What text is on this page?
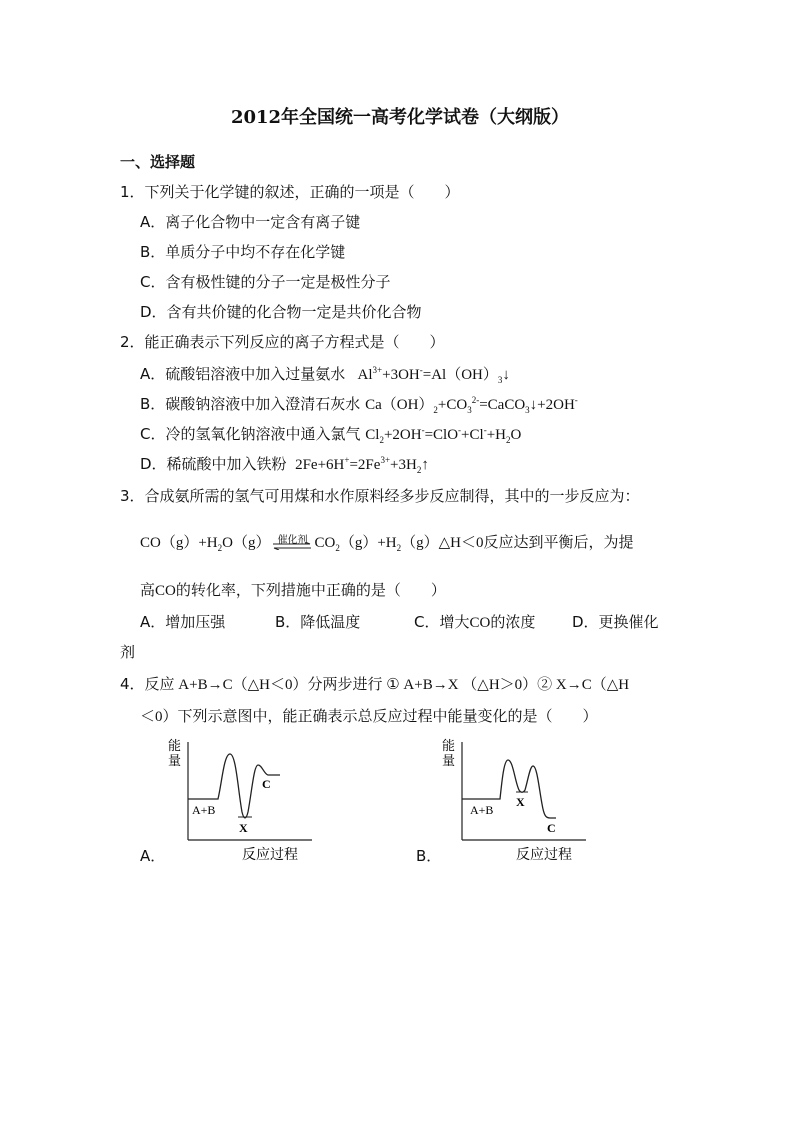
2012年全国统一高考化学试卷（大纲版）
一、选择题
1．下列关于化学键的叙述，正确的一项是（　　）
A．离子化合物中一定含有离子键
B．单质分子中均不存在化学键
C．含有极性键的分子一定是极性分子
D．含有共价键的化合物一定是共价化合物
2．能正确表示下列反应的离子方程式是（　　）
A．硫酸铝溶液中加入过量氨水   $Al^{3+}+3OH^-=Al(OH)_3↓$
B．碳酸钠溶液中加入澄清石灰水 $Ca(OH)_2+CO_3^{2-}=CaCO_3↓+2OH^-$
C．冷的氢氧化钠溶液中通入氯气 $Cl_2+2OH^-=ClO^-+Cl^-+H_2O$
D．稀硫酸中加入铁粉  $2Fe+6H^+=2Fe^{3+}+3H_2↑$
3．合成氨所需的氢气可用煤和水作原料经多步反应制得，其中的一步反应为：
$CO(g)+H_2O(g)$ 催化剂 $CO_2(g)+H_2(g)\triangle H<0$反应达到平衡后，为提
高CO的转化率，下列措施中正确的是（　　）
A．增加压强	B．降低温度	C．增大CO的浓度 D．更换催化
剂
4．反应 A+B→C（△H＜0）分两步进行 ① A+B→X （△H＞0）② X→C（△H
＜0）下列示意图中，能正确表示总反应过程中能量变化的是（　　）
A．
能
量
A+B
X
C
反应过程	B．
能
量
A+B
X
C
反应过程
